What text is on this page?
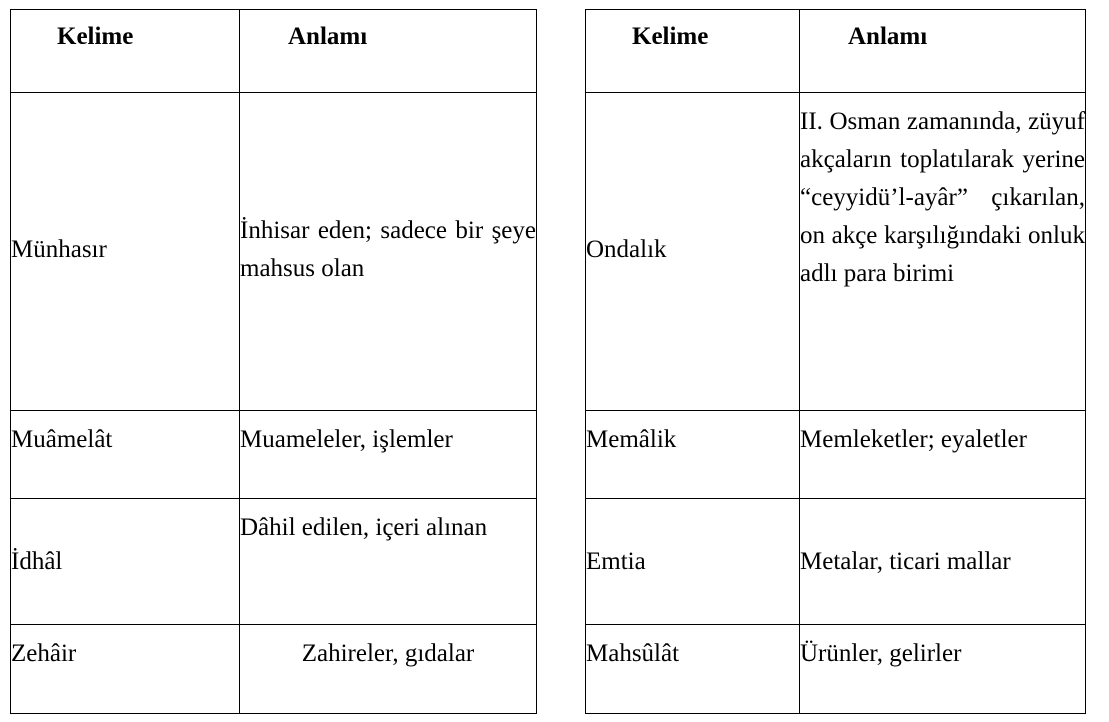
Kelime	Anlamı

Münhasır	İnhisar eden; sadece bir şeye mahsus olan

Muâmelât	Muameleler, işlemler

İdhâl	Dâhil edilen, içeri alınan

Zehâir	Zahireler, gıdalar
Kelime	Anlamı

Ondalık	II. Osman zamanında, züyuf akçaların toplatılarak yerine “ceyyidü’l-ayâr” çıkarılan, on akçe karşılığındaki onluk adlı para birimi

Memâlik	Memleketler; eyaletler

Emtia	Metalar, ticari mallar

Mahsûlât	Ürünler, gelirler
